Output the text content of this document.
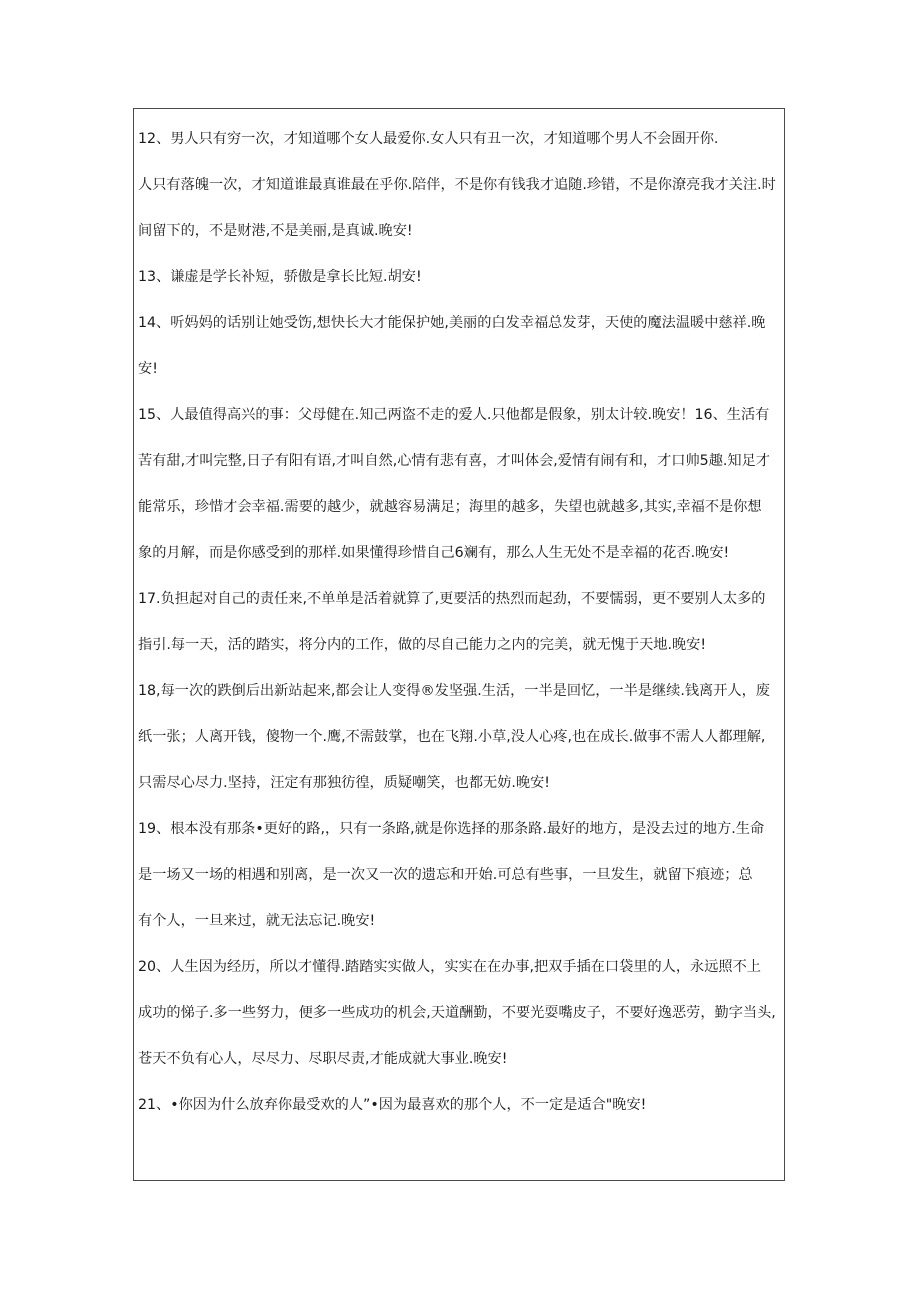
12、男人只有穷一次，才知道哪个女人最爱你.女人只有丑一次，才知道哪个男人不会圄开你.
人只有落魄一次，才知道谁最真谁最在乎你.陪伴，不是你有钱我才追随.珍错，不是你潦亮我才关注.时
间留下的，不是财港,不是美丽,是真诚.晚安!
13、谦虚是学长补短，骄傲是拿长比短.胡安!
14、听妈妈的话别让她受饬,想快长大才能保护她,美丽的白发幸福总发芽，天使的魔法温暖中慈祥.晚
安!
15、人最值得高兴的事：父母健在.知己两盗不走的爱人.只他都是假象，别太计较.晚安！16、生活有
苦有甜,才叫完整,日子有阳有语,才叫自然,心情有悲有喜，才叫体会,爱情有闹有和，才口帅5趣.知足才
能常乐，珍惜才会幸福.需要的越少，就越容易满足；海里的越多，失望也就越多,其实,幸福不是你想
象的月解，而是你感受到的那样.如果懂得珍惜自己6斓有，那么人生无处不是幸福的花否.晚安!
17.负担起对自己的责任来,不单单是活着就算了,更要活的热烈而起劲，不要懦弱，更不要别人太多的
指引.每一天，活的踏实，将分内的工作，做的尽自己能力之内的完美，就无愧于天地.晚安!
18,每一次的跌倒后出新站起来,都会让人变得®发坚强.生活，一半是回忆，一半是继续.钱离开人，废
纸一张；人离开钱，傻物一个.鹰,不需鼓掌，也在飞翔.小草,没人心疼,也在成长.做事不需人人都理解,
只需尽心尽力.坚持，汪定有那独彷徨，质疑嘲笑，也都无妨.晚安!
19、根本没有那条•更好的路,，只有一条路,就是你选择的那条路.最好的地方，是没去过的地方.生命
是一场又一场的相遇和别离，是一次又一次的遗忘和开始.可总有些事，一旦发生，就留下痕迹；总
有个人，一旦来过，就无法忘记.晚安!
20、人生因为经历，所以才懂得.踏踏实实做人，实实在在办事,把双手插在口袋里的人，永远照不上
成功的悌子.多一些努力，便多一些成功的机会,天道酬勤，不要光耍嘴皮子，不要好逸恶劳，勤字当头,
苍天不负有心人，尽尽力、尽职尽责,才能成就大事业.晚安!
21、•你因为什么放弃你最受欢的人”•因为最喜欢的那个人，不一定是适合"晚安!
